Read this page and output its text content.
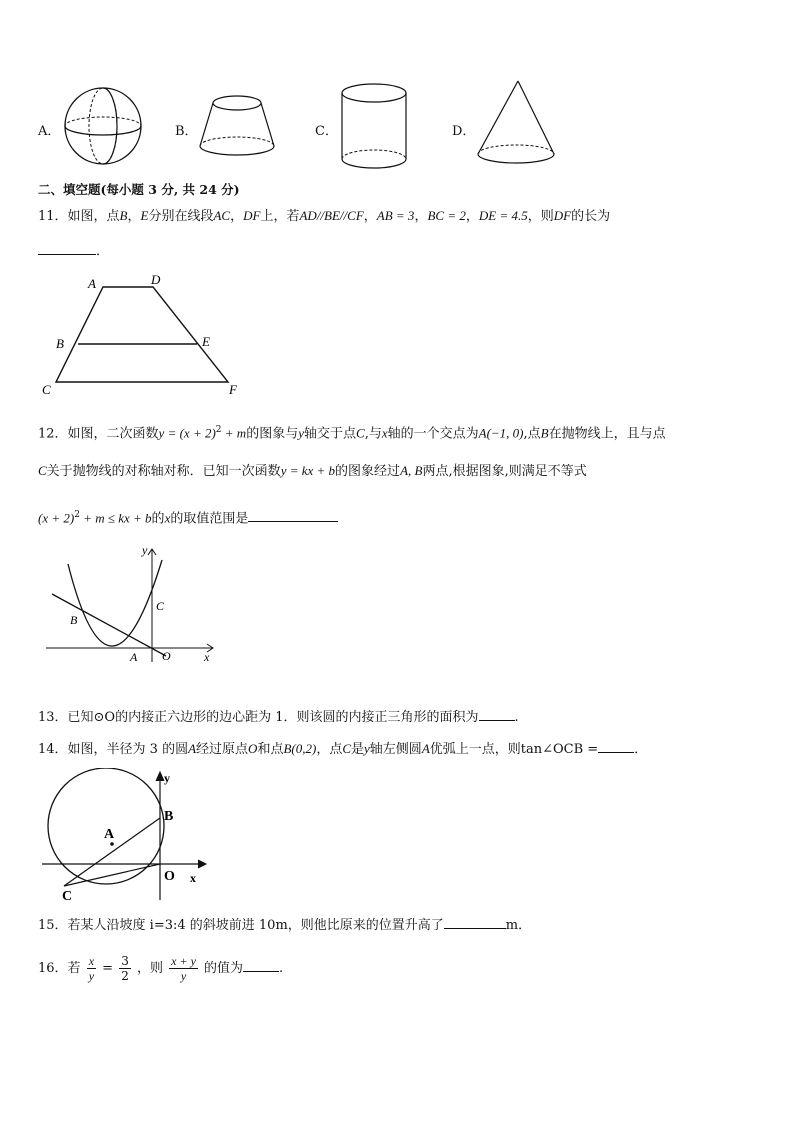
A．	B．	C．	D．
二、填空题(每小题 3 分, 共 24 分)
11．如图，点B，E分别在线段AC，DF上，若AD//BE//CF，AB = 3，BC = 2，DE = 4.5，则DF的长为
．
A	D
B	E
C	F
12．如图，二次函数$y = (x + 2)^2 + m$的图象与y轴交于点C,与x轴的一个交点为A(−1, 0),点B在抛物线上，且与点
C关于抛物线的对称轴对称．已知一次函数y = kx + b的图象经过A, B两点,根据图象,则满足不等式
$(x + 2)^2 + m$ ≤ kx + b的x的取值范围是
y
C
B
A O	x
13．已知⊙O的内接正六边形的边心距为 1．则该圆的内接正三角形的面积为	.
14．如图，半径为 3 的圆A经过原点O和点B(0,2)，点C是y轴左侧圆A优弧上一点，则tan∠OCB =	．
y
B
A
C
O x
15．若某人沿坡度 i=3:4 的斜坡前进 10m，则他比原来的位置升高了	m．
16．若 $\frac{x}{y} = \frac{3}{2}$ ，则 $\frac{x + y}{y}$ 的值为	.
